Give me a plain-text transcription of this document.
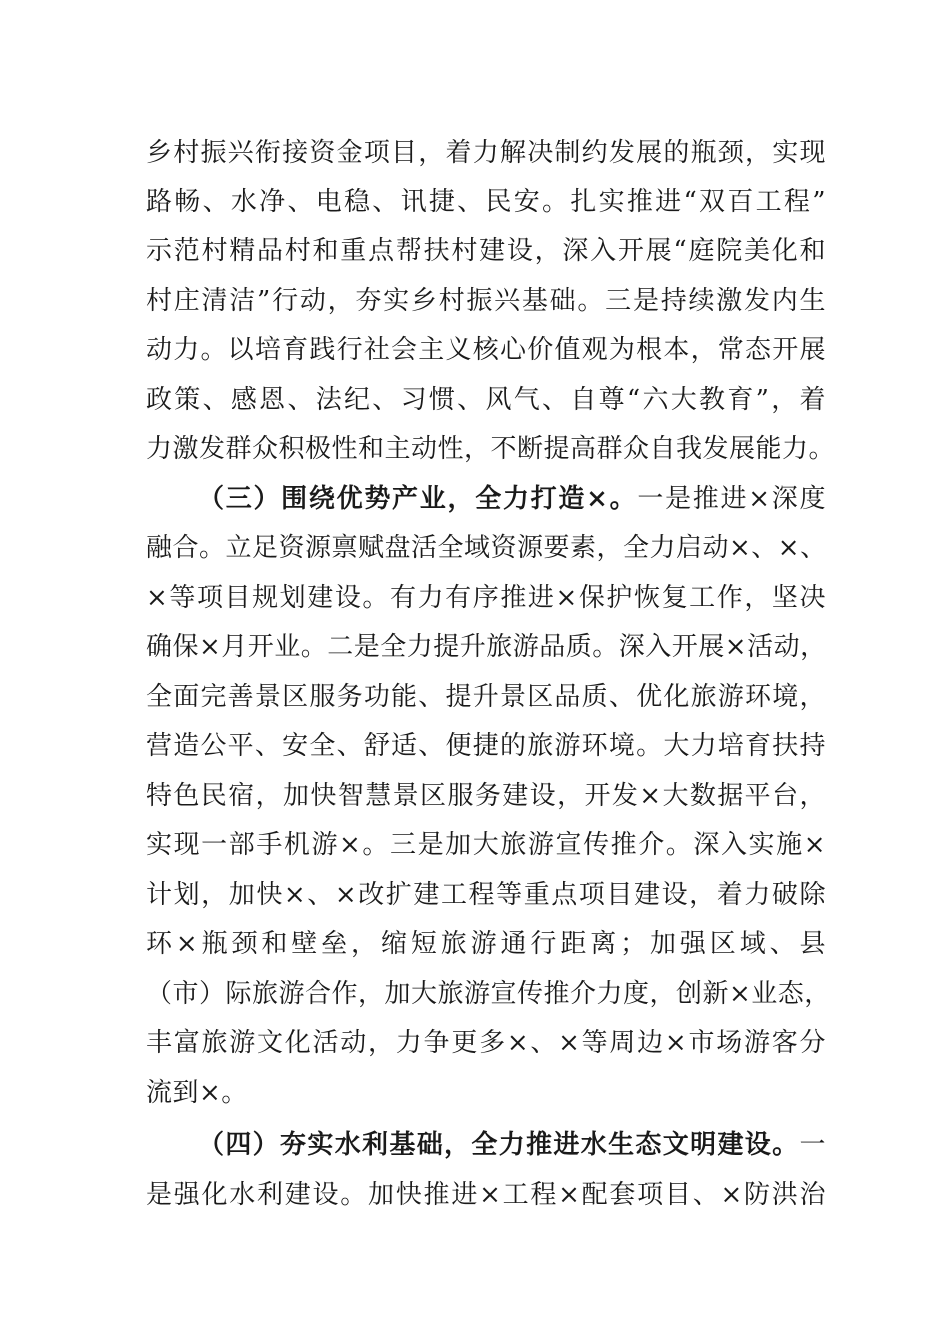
乡村振兴衔接资金项目，着力解决制约发展的瓶颈，实现
路畅、水净、电稳、讯捷、民安。扎实推进“双百工程”
示范村精品村和重点帮扶村建设，深入开展“庭院美化和
村庄清洁”行动，夯实乡村振兴基础。三是持续激发内生
动力。以培育践行社会主义核心价值观为根本，常态开展
政策、感恩、法纪、习惯、风气、自尊“六大教育”，着
力激发群众积极性和主动性，不断提高群众自我发展能力。
（三）围绕优势产业，全力打造×。一是推进×深度
融合。立足资源禀赋盘活全域资源要素，全力启动×、×、
×等项目规划建设。有力有序推进×保护恢复工作，坚决
确保×月开业。二是全力提升旅游品质。深入开展×活动，
全面完善景区服务功能、提升景区品质、优化旅游环境，
营造公平、安全、舒适、便捷的旅游环境。大力培育扶持
特色民宿，加快智慧景区服务建设，开发×大数据平台，
实现一部手机游×。三是加大旅游宣传推介。深入实施×
计划，加快×、×改扩建工程等重点项目建设，着力破除
环×瓶颈和壁垒，缩短旅游通行距离；加强区域、县
（市）际旅游合作，加大旅游宣传推介力度，创新×业态，
丰富旅游文化活动，力争更多×、×等周边×市场游客分
流到×。
（四）夯实水利基础，全力推进水生态文明建设。一
是强化水利建设。加快推进×工程×配套项目、×防洪治
